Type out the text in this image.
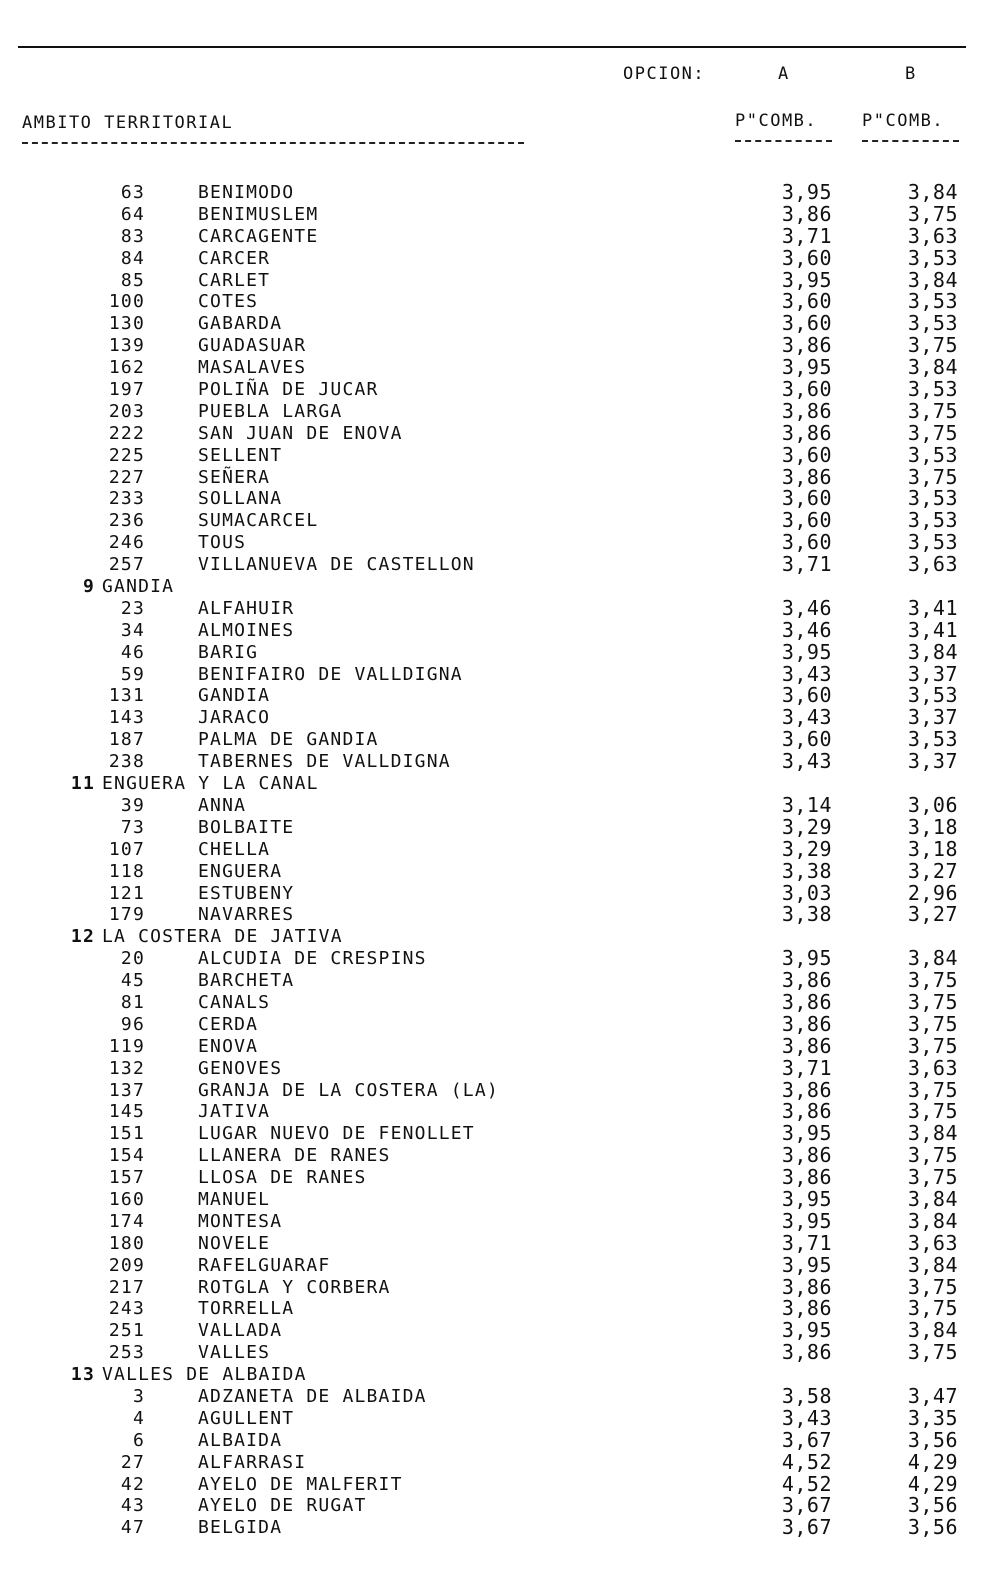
OPCION:	A	B
AMBITO TERRITORIAL	P"COMB.	P"COMB.
63	BENIMODO	3,95	3,84
64	BENIMUSLEM	3,86	3,75
83	CARCAGENTE	3,71	3,63
84	CARCER	3,60	3,53
85	CARLET	3,95	3,84
100	COTES	3,60	3,53
130	GABARDA	3,60	3,53
139	GUADASUAR	3,86	3,75
162	MASALAVES	3,95	3,84
197	POLIÑA DE JUCAR	3,60	3,53
203	PUEBLA LARGA	3,86	3,75
222	SAN JUAN DE ENOVA	3,86	3,75
225	SELLENT	3,60	3,53
227	SEÑERA	3,86	3,75
233	SOLLANA	3,60	3,53
236	SUMACARCEL	3,60	3,53
246	TOUS	3,60	3,53
257	VILLANUEVA DE CASTELLON	3,71	3,63
9 GANDIA
23	ALFAHUIR	3,46	3,41
34	ALMOINES	3,46	3,41
46	BARIG	3,95	3,84
59	BENIFAIRO DE VALLDIGNA	3,43	3,37
131	GANDIA	3,60	3,53
143	JARACO	3,43	3,37
187	PALMA DE GANDIA	3,60	3,53
238	TABERNES DE VALLDIGNA	3,43	3,37
11 ENGUERA Y LA CANAL
39	ANNA	3,14	3,06
73	BOLBAITE	3,29	3,18
107	CHELLA	3,29	3,18
118	ENGUERA	3,38	3,27
121	ESTUBENY	3,03	2,96
179	NAVARRES	3,38	3,27
12 LA COSTERA DE JATIVA
20	ALCUDIA DE CRESPINS	3,95	3,84
45	BARCHETA	3,86	3,75
81	CANALS	3,86	3,75
96	CERDA	3,86	3,75
119	ENOVA	3,86	3,75
132	GENOVES	3,71	3,63
137	GRANJA DE LA COSTERA (LA)	3,86	3,75
145	JATIVA	3,86	3,75
151	LUGAR NUEVO DE FENOLLET	3,95	3,84
154	LLANERA DE RANES	3,86	3,75
157	LLOSA DE RANES	3,86	3,75
160	MANUEL	3,95	3,84
174	MONTESA	3,95	3,84
180	NOVELE	3,71	3,63
209	RAFELGUARAF	3,95	3,84
217	ROTGLA Y CORBERA	3,86	3,75
243	TORRELLA	3,86	3,75
251	VALLADA	3,95	3,84
253	VALLES	3,86	3,75
13 VALLES DE ALBAIDA
3	ADZANETA DE ALBAIDA	3,58	3,47
4	AGULLENT	3,43	3,35
6	ALBAIDA	3,67	3,56
27	ALFARRASI	4,52	4,29
42	AYELO DE MALFERIT	4,52	4,29
43	AYELO DE RUGAT	3,67	3,56
47	BELGIDA	3,67	3,56
